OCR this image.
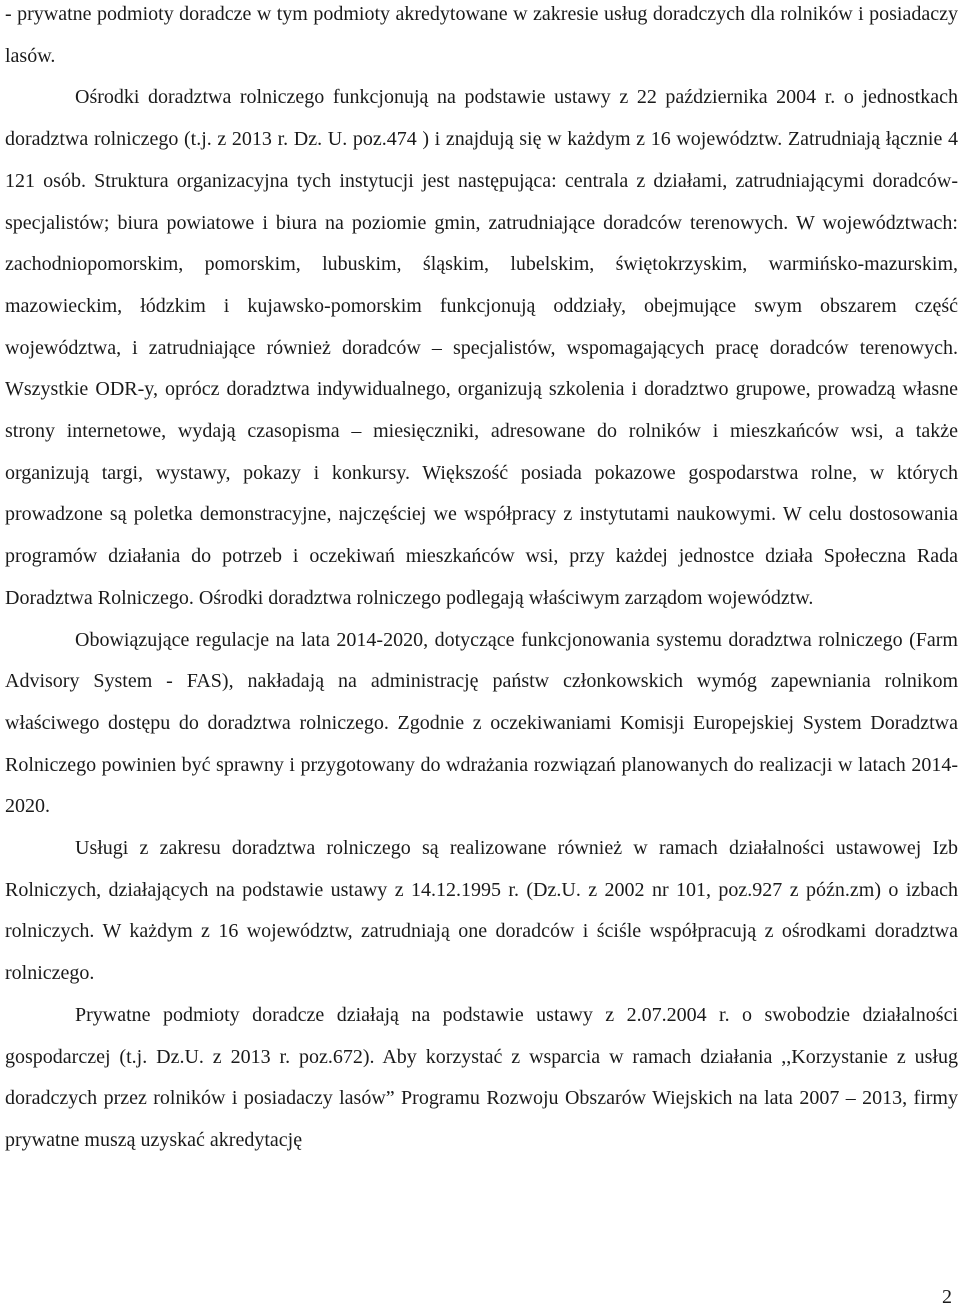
- prywatne podmioty doradcze w tym podmioty akredytowane w zakresie usług doradczych dla rolników i posiadaczy lasów.

Ośrodki doradztwa rolniczego funkcjonują na podstawie ustawy z 22 października 2004 r. o jednostkach doradztwa rolniczego (t.j. z 2013 r. Dz. U. poz.474 ) i znajdują się w każdym z 16 województw. Zatrudniają łącznie 4 121 osób. Struktura organizacyjna tych instytucji jest następująca: centrala z działami, zatrudniającymi doradców-specjalistów; biura powiatowe i biura na poziomie gmin, zatrudniające doradców terenowych. W województwach: zachodniopomorskim, pomorskim, lubuskim, śląskim, lubelskim, świętokrzyskim, warmińsko-mazurskim, mazowieckim, łódzkim i kujawsko-pomorskim funkcjonują oddziały, obejmujące swym obszarem część województwa, i zatrudniające również doradców – specjalistów, wspomagających pracę doradców terenowych. Wszystkie ODR-y, oprócz doradztwa indywidualnego, organizują szkolenia i doradztwo grupowe, prowadzą własne strony internetowe, wydają czasopisma – miesięczniki, adresowane do rolników i mieszkańców wsi, a także organizują targi, wystawy, pokazy i konkursy. Większość posiada pokazowe gospodarstwa rolne, w których prowadzone są poletka demonstracyjne, najczęściej we współpracy z instytutami naukowymi. W celu dostosowania programów działania do potrzeb i oczekiwań mieszkańców wsi, przy każdej jednostce działa Społeczna Rada Doradztwa Rolniczego. Ośrodki doradztwa rolniczego podlegają właściwym zarządom województw.

Obowiązujące regulacje na lata 2014-2020, dotyczące funkcjonowania systemu doradztwa rolniczego (Farm Advisory System - FAS), nakładają na administrację państw członkowskich wymóg zapewniania rolnikom właściwego dostępu do doradztwa rolniczego. Zgodnie z oczekiwaniami Komisji Europejskiej System Doradztwa Rolniczego powinien być sprawny i przygotowany do wdrażania rozwiązań planowanych do realizacji w latach 2014-2020.

Usługi z zakresu doradztwa rolniczego są realizowane również w ramach działalności ustawowej Izb Rolniczych, działających na podstawie ustawy z 14.12.1995 r. (Dz.U. z 2002 nr 101, poz.927 z późn.zm) o izbach rolniczych. W każdym z 16 województw, zatrudniają one doradców i ściśle współpracują z ośrodkami doradztwa rolniczego.

Prywatne podmioty doradcze działają na podstawie ustawy z 2.07.2004 r. o swobodzie działalności gospodarczej (t.j. Dz.U. z 2013 r. poz.672). Aby korzystać z wsparcia w ramach działania ,,Korzystanie z usług doradczych przez rolników i posiadaczy lasów” Programu Rozwoju Obszarów Wiejskich na lata 2007 – 2013, firmy prywatne muszą uzyskać akredytację

2
